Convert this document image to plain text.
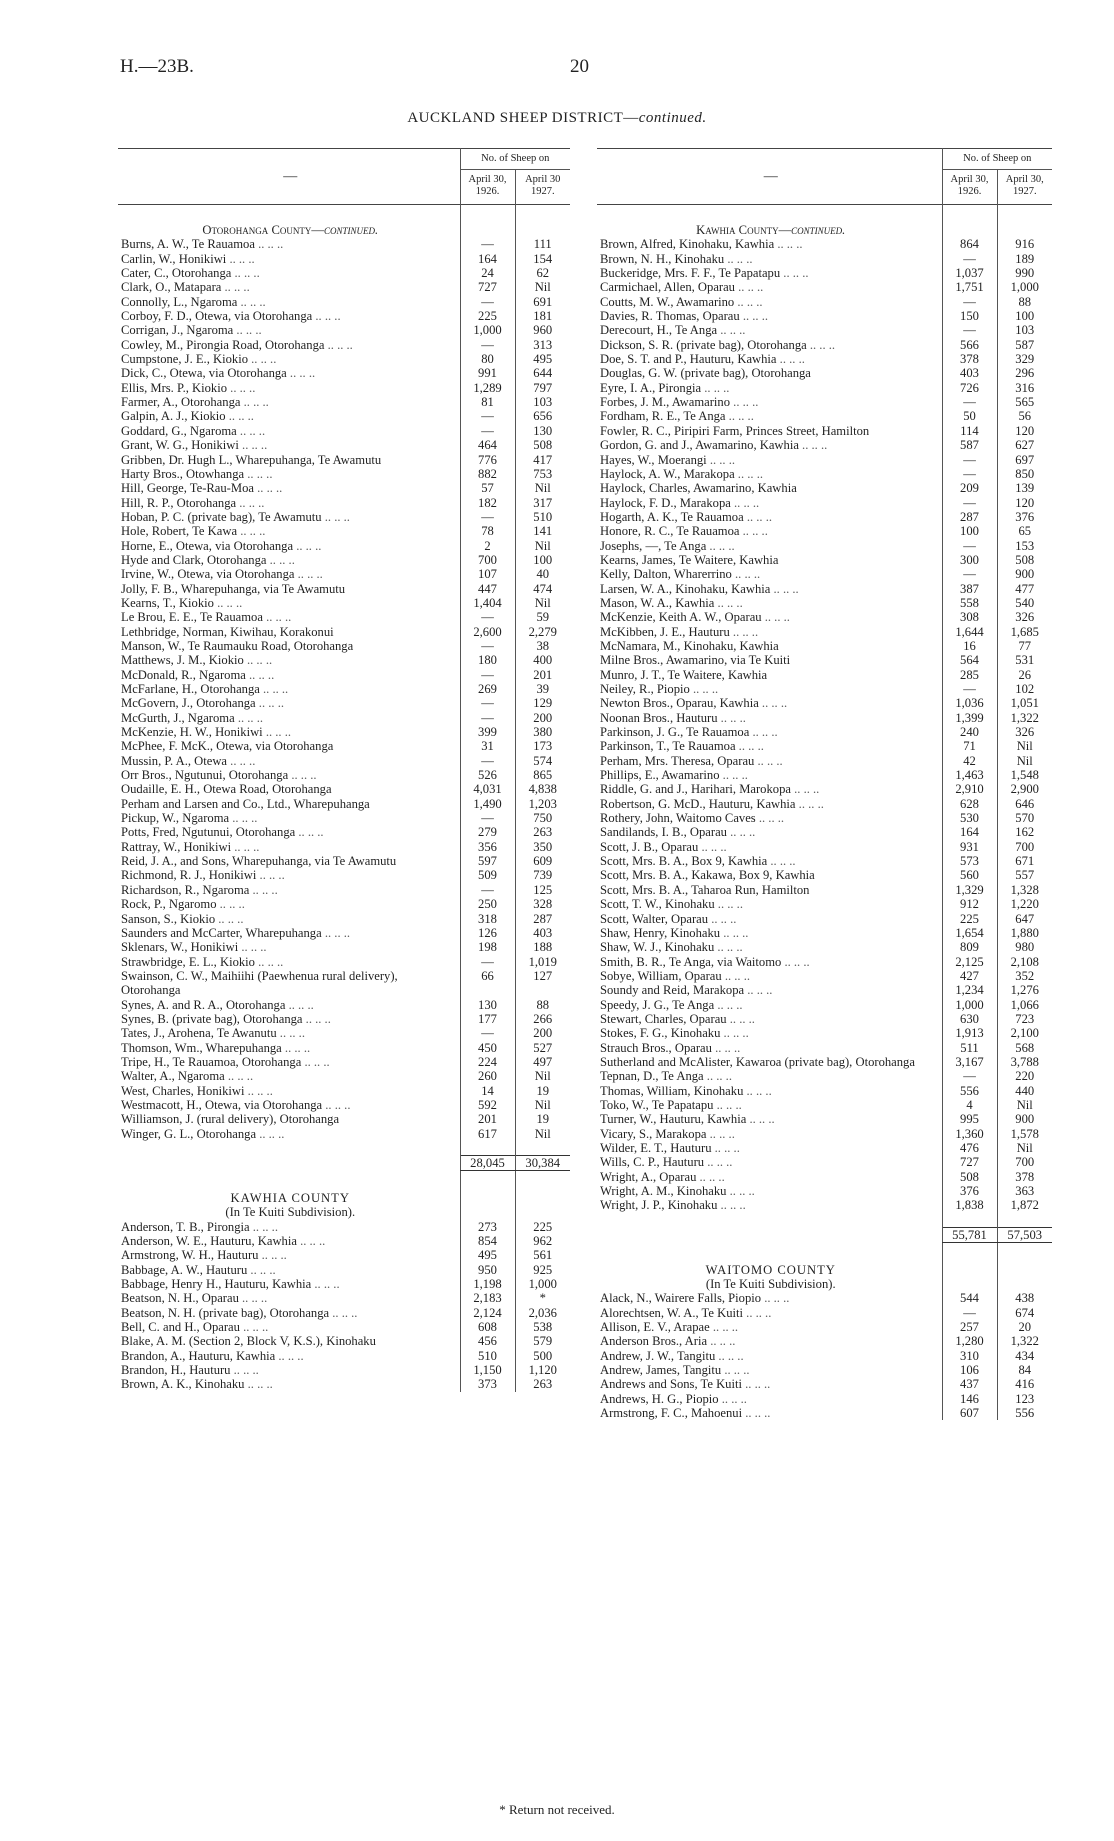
H.—23B.	20
AUCKLAND SHEEP DISTRICT—continued.
—	No. of Sheep on	
	April 30, 1926.	April 30 1927.

Otorohanga County—continued.		
Burns, A. W., Te Rauamoa .. .. ..	—	111
Carlin, W., Honikiwi .. .. ..	164	154
Cater, C., Otorohanga .. .. ..	24	62
Clark, O., Matapara .. .. ..	727	Nil
Connolly, L., Ngaroma .. .. ..	—	691
Corboy, F. D., Otewa, via Otorohanga .. .. ..	225	181
Corrigan, J., Ngaroma .. .. ..	1,000	960
Cowley, M., Pirongia Road, Otorohanga .. .. ..	—	313
Cumpstone, J. E., Kiokio .. .. ..	80	495
Dick, C., Otewa, via Otorohanga .. .. ..	991	644
Ellis, Mrs. P., Kiokio .. .. ..	1,289	797
Farmer, A., Otorohanga .. .. ..	81	103
Galpin, A. J., Kiokio .. .. ..	—	656
Goddard, G., Ngaroma .. .. ..	—	130
Grant, W. G., Honikiwi .. .. ..	464	508
Gribben, Dr. Hugh L., Wharepuhanga, Te Awamutu	776	417
Harty Bros., Otowhanga .. .. ..	882	753
Hill, George, Te-Rau-Moa .. .. ..	57	Nil
Hill, R. P., Otorohanga .. .. ..	182	317
Hoban, P. C. (private bag), Te Awamutu .. .. ..	—	510
Hole, Robert, Te Kawa .. .. ..	78	141
Horne, E., Otewa, via Otorohanga .. .. ..	2	Nil
Hyde and Clark, Otorohanga .. .. ..	700	100
Irvine, W., Otewa, via Otorohanga .. .. ..	107	40
Jolly, F. B., Wharepuhanga, via Te Awamutu	447	474
Kearns, T., Kiokio .. .. ..	1,404	Nil
Le Brou, E. E., Te Rauamoa .. .. ..	—	59
Lethbridge, Norman, Kiwihau, Korakonui	2,600	2,279
Manson, W., Te Raumauku Road, Otorohanga	—	38
Matthews, J. M., Kiokio .. .. ..	180	400
McDonald, R., Ngaroma .. .. ..	—	201
McFarlane, H., Otorohanga .. .. ..	269	39
McGovern, J., Otorohanga .. .. ..	—	129
McGurth, J., Ngaroma .. .. ..	—	200
McKenzie, H. W., Honikiwi .. .. ..	399	380
McPhee, F. McK., Otewa, via Otorohanga	31	173
Mussin, P. A., Otewa .. .. ..	—	574
Orr Bros., Ngutunui, Otorohanga .. .. ..	526	865
Oudaille, E. H., Otewa Road, Otorohanga	4,031	4,838
Perham and Larsen and Co., Ltd., Wharepuhanga	1,490	1,203
Pickup, W., Ngaroma .. .. ..	—	750
Potts, Fred, Ngutunui, Otorohanga .. .. ..	279	263
Rattray, W., Honikiwi .. .. ..	356	350
Reid, J. A., and Sons, Wharepuhanga, via Te Awamutu	597	609
Richmond, R. J., Honikiwi .. .. ..	509	739
Richardson, R., Ngaroma .. .. ..	—	125
Rock, P., Ngaromo .. .. ..	250	328
Sanson, S., Kiokio .. .. ..	318	287
Saunders and McCarter, Wharepuhanga .. .. ..	126	403
Sklenars, W., Honikiwi .. .. ..	198	188
Strawbridge, E. L., Kiokio .. .. ..	—	1,019
Swainson, C. W., Maihiihi (Paewhenua rural delivery), Otorohanga	66	127
Synes, A. and R. A., Otorohanga .. .. ..	130	88
Synes, B. (private bag), Otorohanga .. .. ..	177	266
Tates, J., Arohena, Te Awanutu .. .. ..	—	200
Thomson, Wm., Wharepuhanga .. .. ..	450	527
Tripe, H., Te Rauamoa, Otorohanga .. .. ..	224	497
Walter, A., Ngaroma .. .. ..	260	Nil
West, Charles, Honikiwi .. .. ..	14	19
Westmacott, H., Otewa, via Otorohanga .. .. ..	592	Nil
Williamson, J. (rural delivery), Otorohanga	201	19
Winger, G. L., Otorohanga .. .. ..	617	Nil

	28,045	30,384

KAWHIA COUNTY		
(In Te Kuiti Subdivision).		
Anderson, T. B., Pirongia .. .. ..	273	225
Anderson, W. E., Hauturu, Kawhia .. .. ..	854	962
Armstrong, W. H., Hauturu .. .. ..	495	561
Babbage, A. W., Hauturu .. .. ..	950	925
Babbage, Henry H., Hauturu, Kawhia .. .. ..	1,198	1,000
Beatson, N. H., Oparau .. .. ..	2,183	*
Beatson, N. H. (private bag), Otorohanga .. .. ..	2,124	2,036
Bell, C. and H., Oparau .. .. ..	608	538
Blake, A. M. (Section 2, Block V, K.S.), Kinohaku	456	579
Brandon, A., Hauturu, Kawhia .. .. ..	510	500
Brandon, H., Hauturu .. .. ..	1,150	1,120
Brown, A. K., Kinohaku .. .. ..	373	263
—	No. of Sheep on	
	April 30, 1926.	April 30, 1927.

Kawhia County—continued.		
Brown, Alfred, Kinohaku, Kawhia .. .. ..	864	916
Brown, N. H., Kinohaku .. .. ..	—	189
Buckeridge, Mrs. F. F., Te Papatapu .. .. ..	1,037	990
Carmichael, Allen, Oparau .. .. ..	1,751	1,000
Coutts, M. W., Awamarino .. .. ..	—	88
Davies, R. Thomas, Oparau .. .. ..	150	100
Derecourt, H., Te Anga .. .. ..	—	103
Dickson, S. R. (private bag), Otorohanga .. .. ..	566	587
Doe, S. T. and P., Hauturu, Kawhia .. .. ..	378	329
Douglas, G. W. (private bag), Otorohanga	403	296
Eyre, I. A., Pirongia .. .. ..	726	316
Forbes, J. M., Awamarino .. .. ..	—	565
Fordham, R. E., Te Anga .. .. ..	50	56
Fowler, R. C., Piripiri Farm, Princes Street, Hamilton	114	120
Gordon, G. and J., Awamarino, Kawhia .. .. ..	587	627
Hayes, W., Moerangi .. .. ..	—	697
Haylock, A. W., Marakopa .. .. ..	—	850
Haylock, Charles, Awamarino, Kawhia	209	139
Haylock, F. D., Marakopa .. .. ..	—	120
Hogarth, A. K., Te Rauamoa .. .. ..	287	376
Honore, R. C., Te Rauamoa .. .. ..	100	65
Josephs, —, Te Anga .. .. ..	—	153
Kearns, James, Te Waitere, Kawhia	300	508
Kelly, Dalton, Wharerrino .. .. ..	—	900
Larsen, W. A., Kinohaku, Kawhia .. .. ..	387	477
Mason, W. A., Kawhia .. .. ..	558	540
McKenzie, Keith A. W., Oparau .. .. ..	308	326
McKibben, J. E., Hauturu .. .. ..	1,644	1,685
McNamara, M., Kinohaku, Kawhia	16	77
Milne Bros., Awamarino, via Te Kuiti	564	531
Munro, J. T., Te Waitere, Kawhia	285	26
Neiley, R., Piopio .. .. ..	—	102
Newton Bros., Oparau, Kawhia .. .. ..	1,036	1,051
Noonan Bros., Hauturu .. .. ..	1,399	1,322
Parkinson, J. G., Te Rauamoa .. .. ..	240	326
Parkinson, T., Te Rauamoa .. .. ..	71	Nil
Perham, Mrs. Theresa, Oparau .. .. ..	42	Nil
Phillips, E., Awamarino .. .. ..	1,463	1,548
Riddle, G. and J., Harihari, Marokopa .. .. ..	2,910	2,900
Robertson, G. McD., Hauturu, Kawhia .. .. ..	628	646
Rothery, John, Waitomo Caves .. .. ..	530	570
Sandilands, I. B., Oparau .. .. ..	164	162
Scott, J. B., Oparau .. .. ..	931	700
Scott, Mrs. B. A., Box 9, Kawhia .. .. ..	573	671
Scott, Mrs. B. A., Kakawa, Box 9, Kawhia	560	557
Scott, Mrs. B. A., Taharoa Run, Hamilton	1,329	1,328
Scott, T. W., Kinohaku .. .. ..	912	1,220
Scott, Walter, Oparau .. .. ..	225	647
Shaw, Henry, Kinohaku .. .. ..	1,654	1,880
Shaw, W. J., Kinohaku .. .. ..	809	980
Smith, B. R., Te Anga, via Waitomo .. .. ..	2,125	2,108
Sobye, William, Oparau .. .. ..	427	352
Soundy and Reid, Marakopa .. .. ..	1,234	1,276
Speedy, J. G., Te Anga .. .. ..	1,000	1,066
Stewart, Charles, Oparau .. .. ..	630	723
Stokes, F. G., Kinohaku .. .. ..	1,913	2,100
Strauch Bros., Oparau .. .. ..	511	568
Sutherland and McAlister, Kawaroa (private bag), Otorohanga	3,167	3,788
Tepnan, D., Te Anga .. .. ..	—	220
Thomas, William, Kinohaku .. .. ..	556	440
Toko, W., Te Papatapu .. .. ..	4	Nil
Turner, W., Hauturu, Kawhia .. .. ..	995	900
Vicary, S., Marakopa .. .. ..	1,360	1,578
Wilder, E. T., Hauturu .. .. ..	476	Nil
Wills, C. P., Hauturu .. .. ..	727	700
Wright, A., Oparau .. .. ..	508	378
Wright, A. M., Kinohaku .. .. ..	376	363
Wright, J. P., Kinohaku .. .. ..	1,838	1,872

	55,781	57,503

WAITOMO COUNTY		
(In Te Kuiti Subdivision).		
Alack, N., Wairere Falls, Piopio .. .. ..	544	438
Alorechtsen, W. A., Te Kuiti .. .. ..	—	674
Allison, E. V., Arapae .. .. ..	257	20
Anderson Bros., Aria .. .. ..	1,280	1,322
Andrew, J. W., Tangitu .. .. ..	310	434
Andrew, James, Tangitu .. .. ..	106	84
Andrews and Sons, Te Kuiti .. .. ..	437	416
Andrews, H. G., Piopio .. .. ..	146	123
Armstrong, F. C., Mahoenui .. .. ..	607	556
* Return not received.
